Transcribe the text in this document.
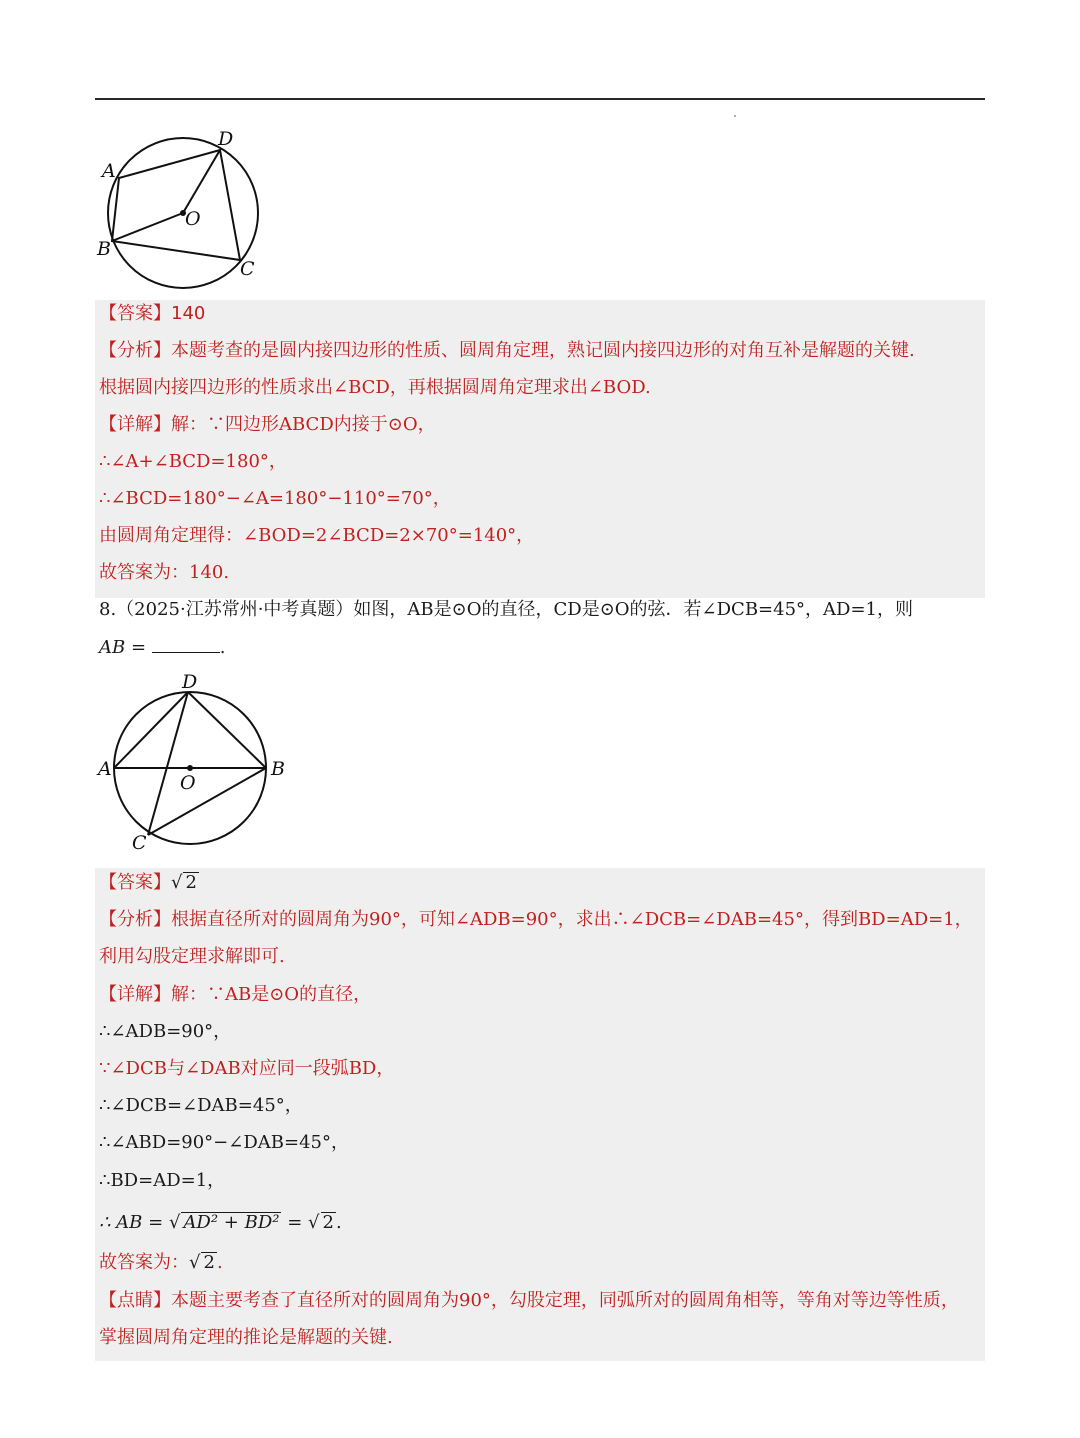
A
D
O
B
C
【答案】140
【分析】本题考查的是圆内接四边形的性质、圆周角定理，熟记圆内接四边形的对角互补是解题的关键.
根据圆内接四边形的性质求出∠BCD，再根据圆周角定理求出∠BOD.
【详解】解：∵四边形ABCD内接于⊙O，
∴∠A+∠BCD=180°，
∴∠BCD=180°−∠A=180°−110°=70°，
由圆周角定理得：∠BOD=2∠BCD=2×70°=140°，
故答案为：140.
8.（2025·江苏常州·中考真题）如图，AB是⊙O的直径，CD是⊙O的弦．若∠DCB=45°，AD=1，则
AB =	.
D
A
O
B
C
【答案】√ 2
【分析】根据直径所对的圆周角为90°，可知∠ADB=90°，求出∴∠DCB=∠DAB=45°，得到BD=AD=1，
利用勾股定理求解即可.
【详解】解：∵AB是⊙O的直径，
∴∠ADB=90°，
∵∠DCB与∠DAB对应同一段弧BD，
∴∠DCB=∠DAB=45°，
∴∠ABD=90°−∠DAB=45°，
∴BD=AD=1，
∴ AB = √ AD² + BD² = √ 2 .
故答案为：√ 2 .
【点睛】本题主要考查了直径所对的圆周角为90°，勾股定理，同弧所对的圆周角相等，等角对等边等性质，
掌握圆周角定理的推论是解题的关键.
